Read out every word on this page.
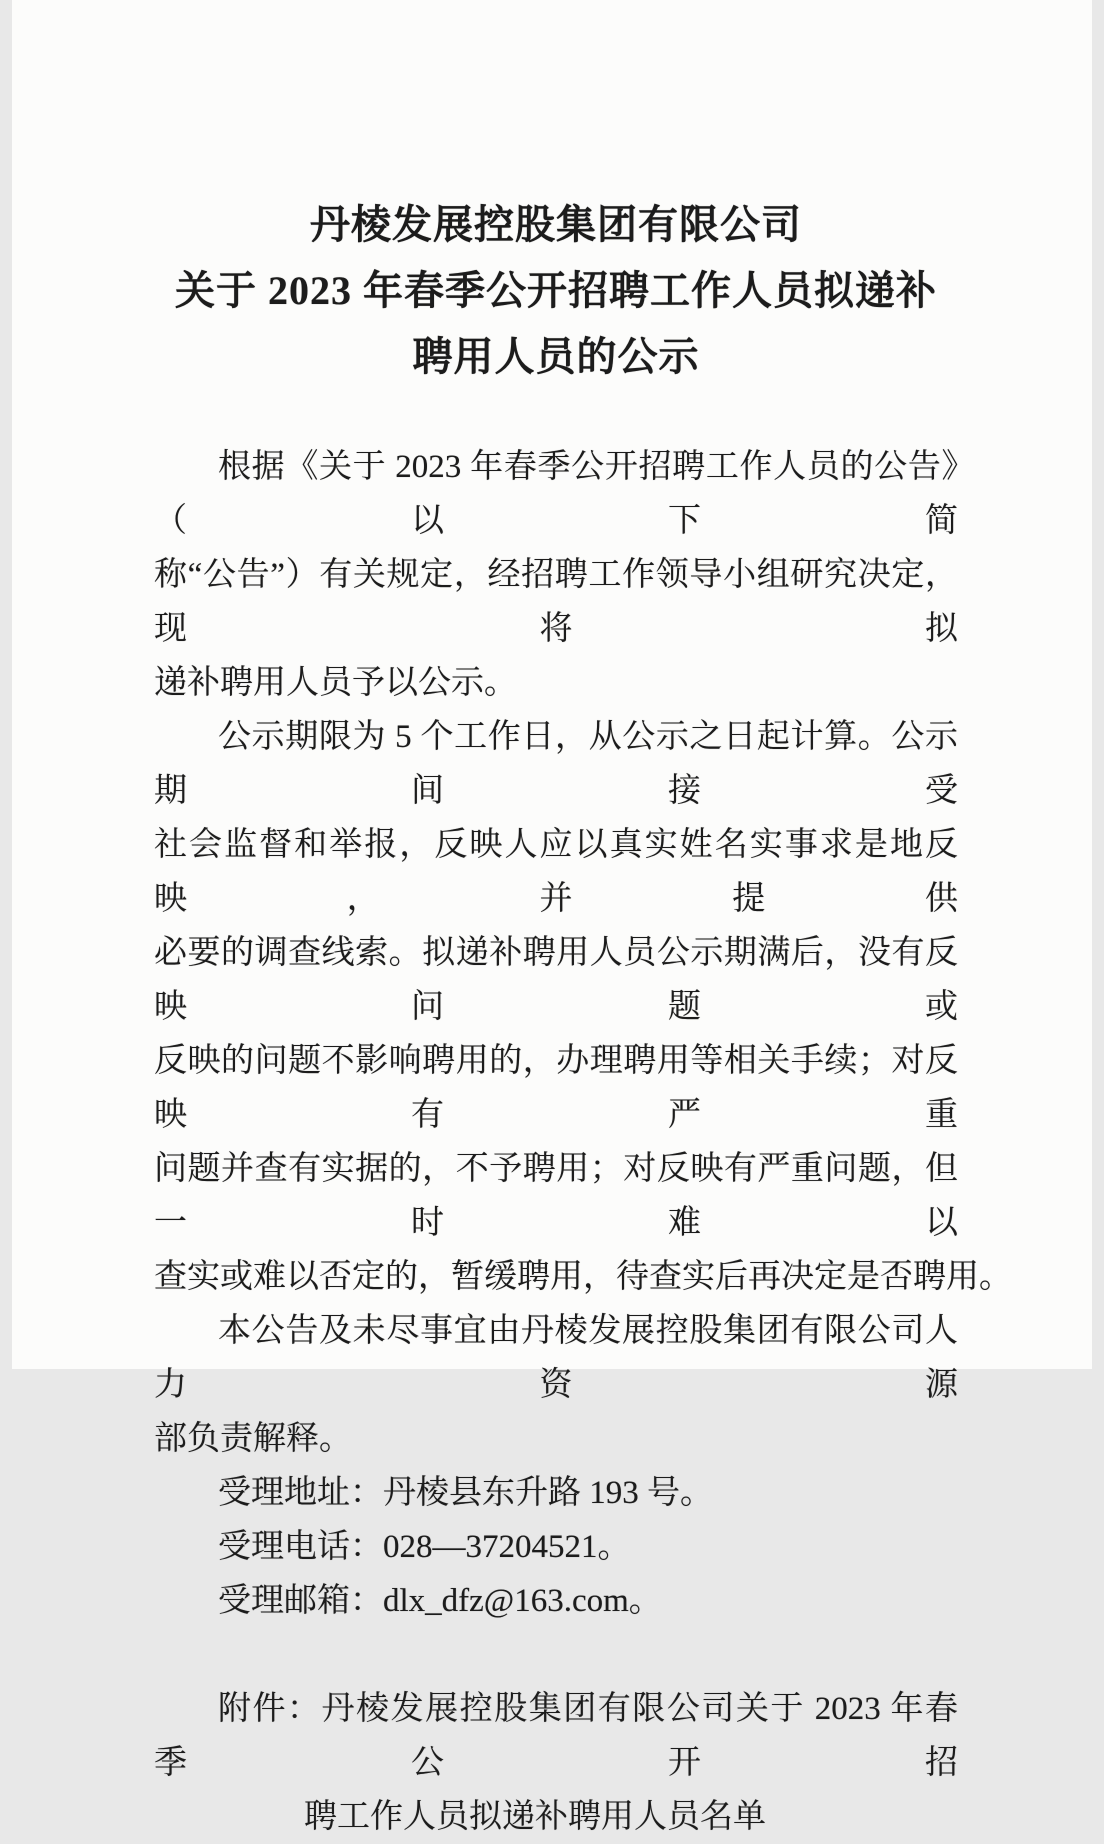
丹棱发展控股集团有限公司
关于 2023 年春季公开招聘工作人员拟递补
聘用人员的公示
根据《关于 2023 年春季公开招聘工作人员的公告》（以下简
称“公告”）有关规定，经招聘工作领导小组研究决定，现将拟
递补聘用人员予以公示。
公示期限为 5 个工作日，从公示之日起计算。公示期间接受
社会监督和举报，反映人应以真实姓名实事求是地反映，并提供
必要的调查线索。拟递补聘用人员公示期满后，没有反映问题或
反映的问题不影响聘用的，办理聘用等相关手续；对反映有严重
问题并查有实据的，不予聘用；对反映有严重问题，但一时难以
查实或难以否定的，暂缓聘用，待查实后再决定是否聘用。
本公告及未尽事宜由丹棱发展控股集团有限公司人力资源
部负责解释。
受理地址：丹棱县东升路 193 号。
受理电话：028—37204521。
受理邮箱：dlx_dfz@163.com。
附件：丹棱发展控股集团有限公司关于 2023 年春季公开招
聘工作人员拟递补聘用人员名单
